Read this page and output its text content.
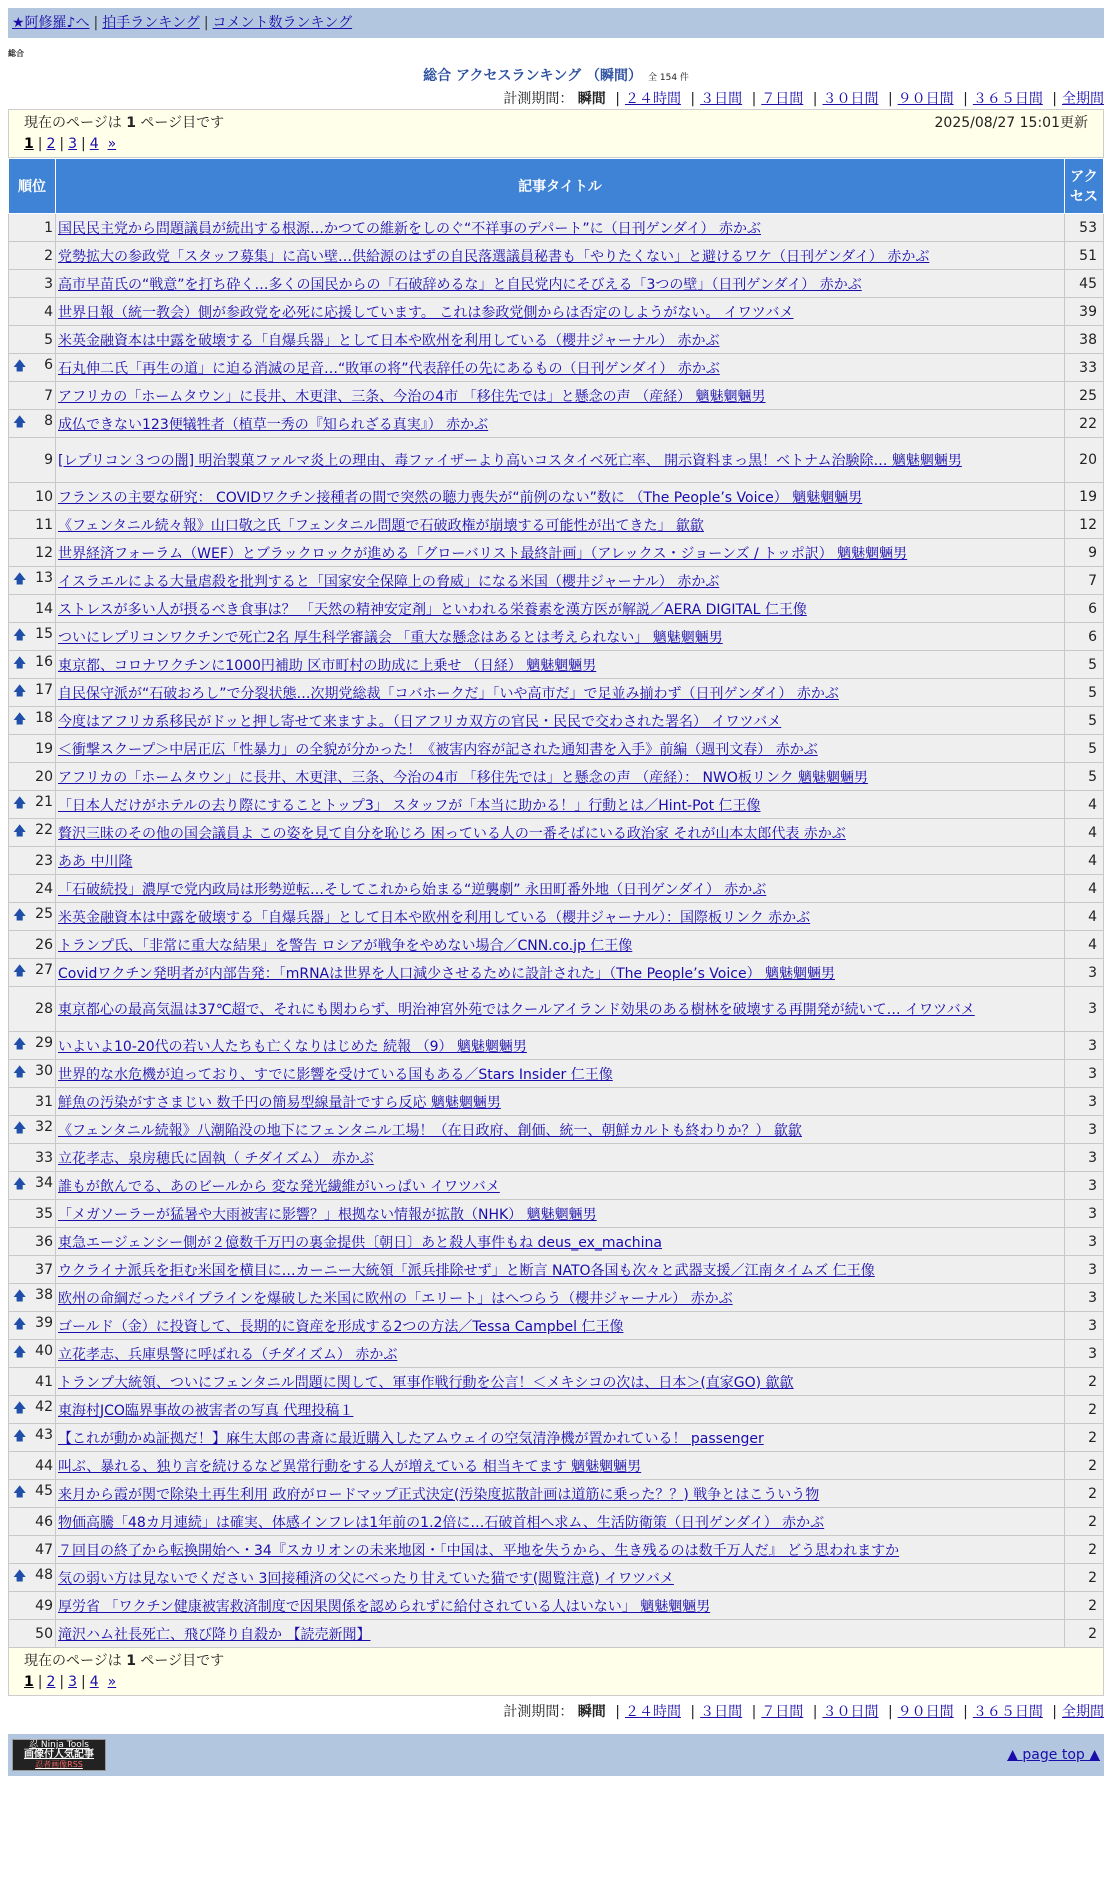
★阿修羅♪へ | 拍手ランキング | コメント数ランキング
総合
総合 アクセスランキング （瞬間） 全 154 件
計測期間： 瞬間 | ２４時間 | ３日間 | ７日間 | ３０日間 | ９０日間 | ３６５日間 | 全期間
現在のページは 1 ページ目です	2025/08/27 15:01更新
1 | 2 | 3 | 4 »
順位	記事タイトル	アクセス
1	国民民主党から問題議員が続出する根源…かつての維新をしのぐ“不祥事のデパート”に（日刊ゲンダイ） 赤かぶ	53
2	党勢拡大の参政党「スタッフ募集」に高い壁…供給源のはずの自民落選議員秘書も「やりたくない」と避けるワケ（日刊ゲンダイ） 赤かぶ	51
3	高市早苗氏の“戦意”を打ち砕く…多くの国民からの「石破辞めるな」と自民党内にそびえる「3つの壁」（日刊ゲンダイ） 赤かぶ	45
4	世界日報（統一教会）側が参政党を必死に応援しています。 これは参政党側からは否定のしようがない。 イワツバメ	39
5	米英金融資本は中露を破壊する「自爆兵器」として日本や欧州を利用している（櫻井ジャーナル） 赤かぶ	38

🡅 6	石丸伸二氏「再生の道」に迫る消滅の足音…“敗軍の将”代表辞任の先にあるもの（日刊ゲンダイ） 赤かぶ	33
7	アフリカの「ホームタウン」に長井、木更津、三条、今治の4市 「移住先では」と懸念の声 （産経） 魑魅魍魎男	25

🡅 8	成仏できない123便犠牲者（植草一秀の『知られざる真実』） 赤かぶ	22
9	[レプリコン３つの闇] 明治製菓ファルマ炎上の理由、毒ファイザーより高いコスタイベ死亡率、 開示資料まっ黒！ベトナム治験除… 魑魅魍魎男	20
10	フランスの主要な研究： COVIDワクチン接種者の間で突然の聴力喪失が“前例のない”数に （The People’s Voice） 魑魅魍魎男	19
11	《フェンタニル続々報》山口敬之氏「フェンタニル問題で石破政権が崩壊する可能性が出てきた」 歙歙	12
12	世界経済フォーラム（WEF）とブラックロックが進める「グローバリスト最終計画」（アレックス・ジョーンズ / トッポ訳） 魑魅魍魎男	9

🡅 13	イスラエルによる大量虐殺を批判すると「国家安全保障上の脅威」になる米国（櫻井ジャーナル） 赤かぶ	7
14	ストレスが多い人が摂るべき食事は？ 「天然の精神安定剤」といわれる栄養素を漢方医が解説／AERA DIGITAL 仁王像	6

🡅 15	ついにレプリコンワクチンで死亡2名 厚生科学審議会 「重大な懸念はあるとは考えられない」 魑魅魍魎男	6

🡅 16	東京都、コロナワクチンに1000円補助 区市町村の助成に上乗せ （日経） 魑魅魍魎男	5

🡅 17	自民保守派が“石破おろし”で分裂状態…次期党総裁「コバホークだ」「いや高市だ」で足並み揃わず（日刊ゲンダイ） 赤かぶ	5

🡅 18	今度はアフリカ系移民がドッと押し寄せて来ますよ。（日アフリカ双方の官民・民民で交わされた署名） イワツバメ	5
19	＜衝撃スクープ＞中居正広「性暴力」の全貌が分かった！《被害内容が記された通知書を入手》前編（週刊文春） 赤かぶ	5
20	アフリカの「ホームタウン」に長井、木更津、三条、今治の4市 「移住先では」と懸念の声 （産経）： NWO板リンク 魑魅魍魎男	5

🡅 21	「日本人だけがホテルの去り際にすることトップ3」 スタッフが「本当に助かる！」行動とは／Hint-Pot 仁王像	4

🡅 22	贅沢三昧のその他の国会議員よ この姿を見て自分を恥じろ 困っている人の一番そばにいる政治家 それが山本太郎代表 赤かぶ	4
23	ああ 中川隆	4
24	「石破続投」濃厚で党内政局は形勢逆転…そしてこれから始まる“逆襲劇” 永田町番外地（日刊ゲンダイ） 赤かぶ	4

🡅 25	米英金融資本は中露を破壊する「自爆兵器」として日本や欧州を利用している（櫻井ジャーナル）：国際板リンク 赤かぶ	4
26	トランプ氏、「非常に重大な結果」を警告 ロシアが戦争をやめない場合／CNN.co.jp 仁王像	4

🡅 27	Covidワクチン発明者が内部告発：「mRNAは世界を人口減少させるために設計された」（The People’s Voice） 魑魅魍魎男	3
28	東京都心の最高気温は37℃超で、それにも関わらず、明治神宮外苑ではクールアイランド効果のある樹林を破壊する再開発が続いて… イワツバメ	3

🡅 29	いよいよ10-20代の若い人たちも亡くなりはじめた 続報 （9） 魑魅魍魎男	3

🡅 30	世界的な水危機が迫っており、すでに影響を受けている国もある／Stars Insider 仁王像	3
31	鮮魚の汚染がすさまじい 数千円の簡易型線量計ですら反応 魑魅魍魎男	3

🡅 32	《フェンタニル続報》八潮陥没の地下にフェンタニル工場！（在日政府、創価、統一、朝鮮カルトも終わりか？） 歙歙	3
33	立花孝志、泉房穂氏に固執（ チダイズム） 赤かぶ	3

🡅 34	誰もが飲んでる、あのビールから 変な発光繊維がいっぱい イワツバメ	3
35	「メガソーラーが猛暑や大雨被害に影響？」根拠ない情報が拡散（NHK） 魑魅魍魎男	3
36	東急エージェンシー側が２億数千万円の裏金提供〔朝日〕あと殺人事件もね deus_ex_machina	3
37	ウクライナ派兵を拒む米国を横目に…カーニー大統領「派兵排除せず」と断言 NATO各国も次々と武器支援／江南タイムズ 仁王像	3

🡅 38	欧州の命綱だったパイプラインを爆破した米国に欧州の「エリート」はへつらう（櫻井ジャーナル） 赤かぶ	3

🡅 39	ゴールド（金）に投資して、長期的に資産を形成する2つの方法／Tessa Campbel 仁王像	3

🡅 40	立花孝志、兵庫県警に呼ばれる（チダイズム） 赤かぶ	3
41	トランプ大統領、ついにフェンタニル問題に関して、軍事作戦行動を公言！＜メキシコの次は、日本＞(直家GO) 歙歙	2

🡅 42	東海村JCO臨界事故の被害者の写真 代理投稿１	2

🡅 43	【これが動かぬ証拠だ！】麻生太郎の書斎に最近購入したアムウェイの空気清浄機が置かれている！ passenger	2
44	叫ぶ、暴れる、独り言を続けるなど異常行動をする人が増えている 相当キてます 魑魅魍魎男	2

🡅 45	来月から霞が関で除染土再生利用 政府がロードマップ正式決定(汚染度拡散計画は道筋に乗った？？) 戦争とはこういう物	2
46	物価高騰「48カ月連続」は確実、体感インフレは1年前の1.2倍に…石破首相へ求ム、生活防衛策（日刊ゲンダイ） 赤かぶ	2
47	７回目の終了から転換開始へ・34『スカリオンの未来地図・「中国は、平地を失うから、生き残るのは数千万人だ』 どう思われますか	2

🡅 48	気の弱い方は見ないでください 3回接種済の父にべったり甘えていた猫です(閲覧注意) イワツバメ	2
49	厚労省 「ワクチン健康被害救済制度で因果関係を認められずに給付されている人はいない」 魑魅魍魎男	2
50	滝沢ハム社長死亡、飛び降り自殺か 【読売新聞】	2
現在のページは 1 ページ目です
1 | 2 | 3 | 4 »
計測期間： 瞬間 | ２４時間 | ３日間 | ７日間 | ３０日間 | ９０日間 | ３６５日間 | 全期間
忍 Ninja Tools
画像付人気記事
忍者画像RSS
▲ page top ▲
